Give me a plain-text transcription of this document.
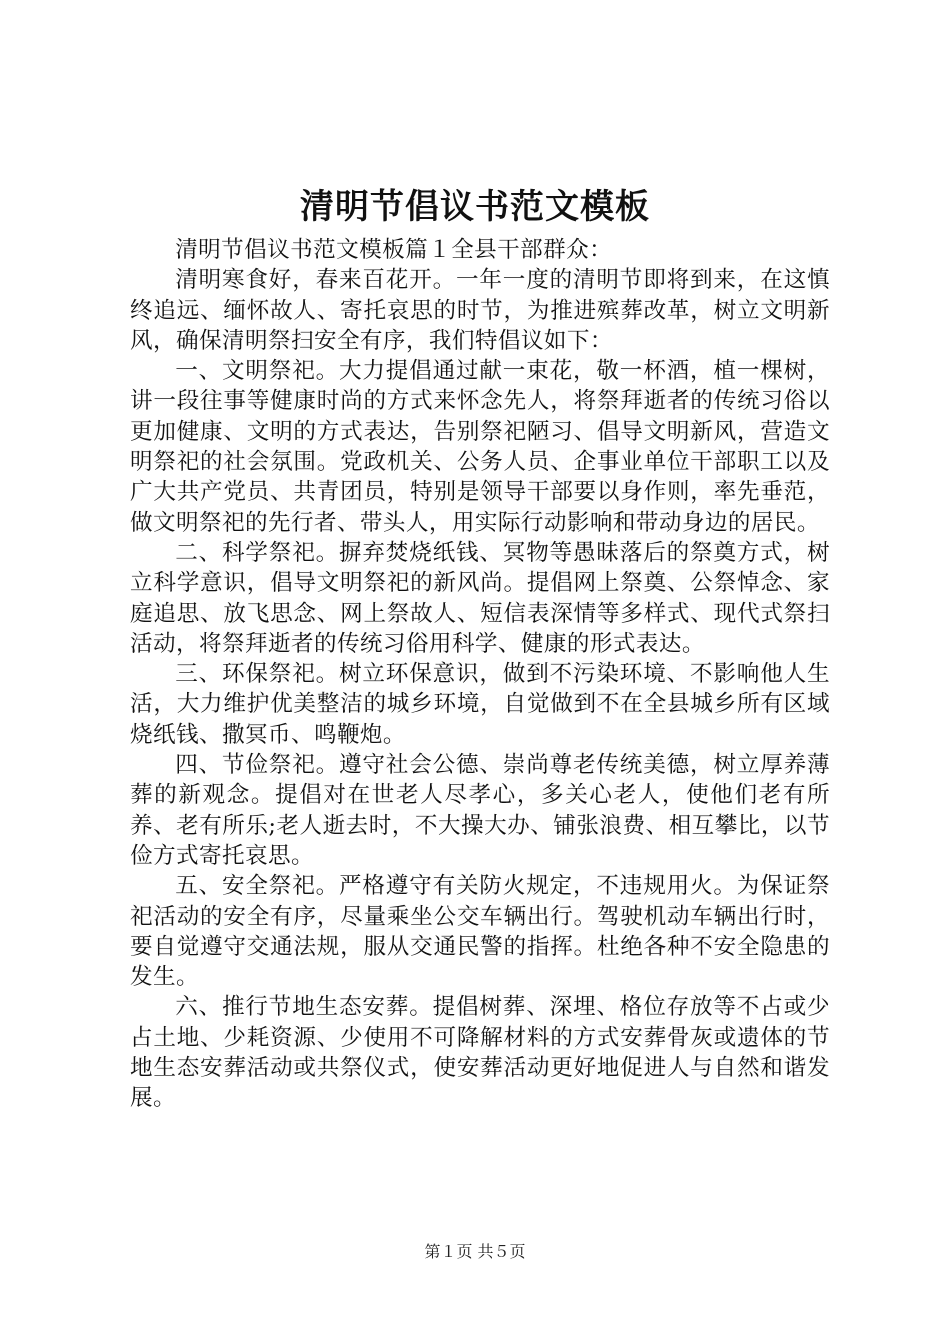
清明节倡议书范文模板

清明节倡议书范文模板篇１全县干部群众：

清明寒食好，春来百花开。一年一度的清明节即将到来，在这慎终追远、缅怀故人、寄托哀思的时节，为推进殡葬改革，树立文明新风，确保清明祭扫安全有序，我们特倡议如下：

一、文明祭祀。大力提倡通过献一束花，敬一杯酒，植一棵树，讲一段往事等健康时尚的方式来怀念先人，将祭拜逝者的传统习俗以更加健康、文明的方式表达，告别祭祀陋习、倡导文明新风，营造文明祭祀的社会氛围。党政机关、公务人员、企事业单位干部职工以及广大共产党员、共青团员，特别是领导干部要以身作则，率先垂范，做文明祭祀的先行者、带头人，用实际行动影响和带动身边的居民。

二、科学祭祀。摒弃焚烧纸钱、冥物等愚昧落后的祭奠方式，树立科学意识，倡导文明祭祀的新风尚。提倡网上祭奠、公祭悼念、家庭追思、放飞思念、网上祭故人、短信表深情等多样式、现代式祭扫活动，将祭拜逝者的传统习俗用科学、健康的形式表达。

三、环保祭祀。树立环保意识，做到不污染环境、不影响他人生活，大力维护优美整洁的城乡环境，自觉做到不在全县城乡所有区域烧纸钱、撒冥币、鸣鞭炮。

四、节俭祭祀。遵守社会公德、崇尚尊老传统美德，树立厚养薄葬的新观念。提倡对在世老人尽孝心，多关心老人，使他们老有所养、老有所乐;老人逝去时，不大操大办、铺张浪费、相互攀比，以节俭方式寄托哀思。

五、安全祭祀。严格遵守有关防火规定，不违规用火。为保证祭祀活动的安全有序，尽量乘坐公交车辆出行。驾驶机动车辆出行时，要自觉遵守交通法规，服从交通民警的指挥。杜绝各种不安全隐患的发生。

六、推行节地生态安葬。提倡树葬、深埋、格位存放等不占或少占土地、少耗资源、少使用不可降解材料的方式安葬骨灰或遗体的节地生态安葬活动或共祭仪式，使安葬活动更好地促进人与自然和谐发展。

第１页 共５页
